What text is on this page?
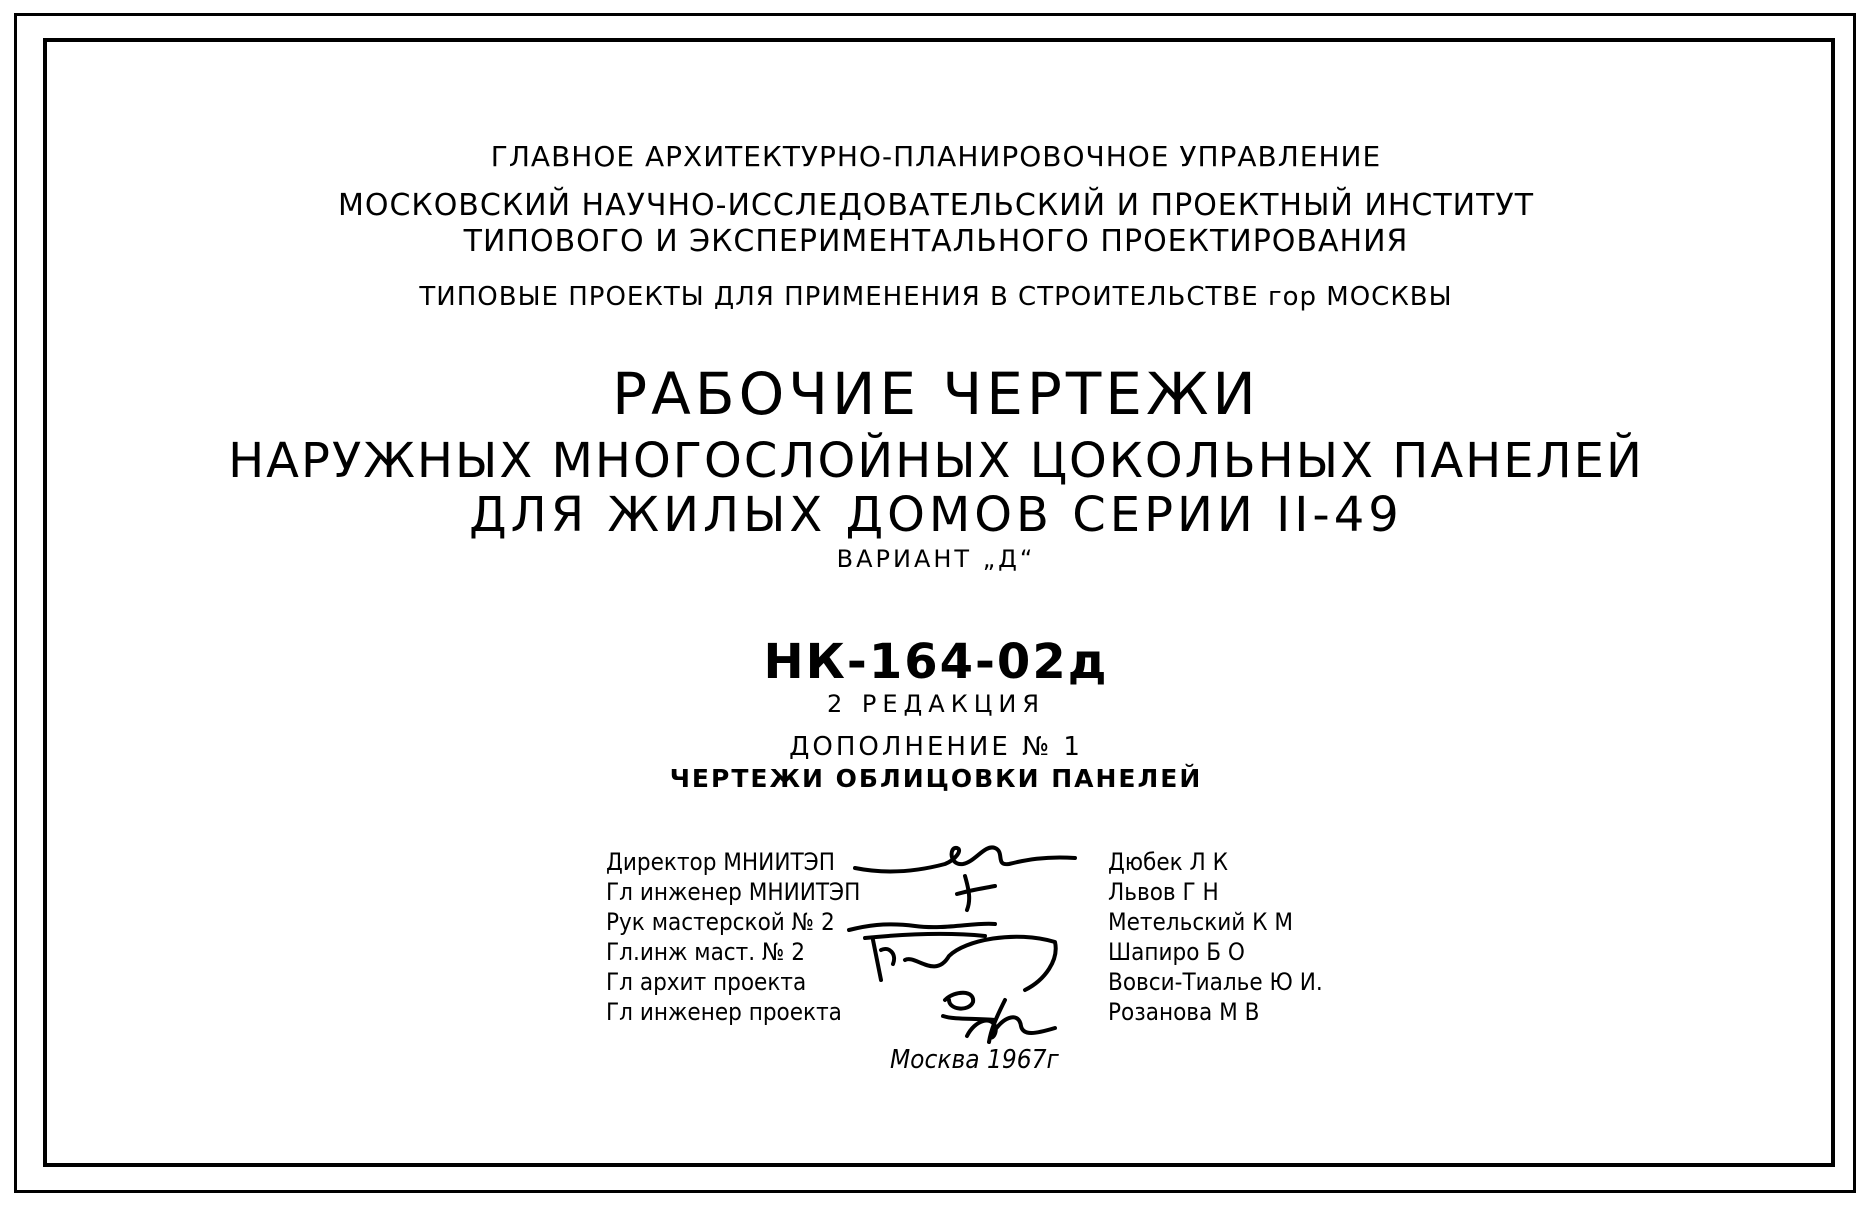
ГЛАВНОЕ АРХИТЕКТУРНО-ПЛАНИРОВОЧНОЕ УПРАВЛЕНИЕ
МОСКОВСКИЙ НАУЧНО-ИССЛЕДОВАТЕЛЬСКИЙ И ПРОЕКТНЫЙ ИНСТИТУТ
ТИПОВОГО И ЭКСПЕРИМЕНТАЛЬНОГО ПРОЕКТИРОВАНИЯ
ТИПОВЫЕ ПРОЕКТЫ ДЛЯ ПРИМЕНЕНИЯ В СТРОИТЕЛЬСТВЕ гор МОСКВЫ
РАБОЧИЕ ЧЕРТЕЖИ
НАРУЖНЫХ МНОГОСЛОЙНЫХ ЦОКОЛЬНЫХ ПАНЕЛЕЙ
ДЛЯ ЖИЛЫХ ДОМОВ СЕРИИ II-49
ВАРИАНТ „Д“
НК-164-02д
2 РЕДАКЦИЯ
ДОПОЛНЕНИЕ № 1
ЧЕРТЕЖИ ОБЛИЦОВКИ ПАНЕЛЕЙ
Директор МНИИТЭП	Дюбек Л К
Гл инженер МНИИТЭП	Львов Г Н
Рук мастерской № 2	Метельский К М
Гл.инж маст. № 2	Шапиро Б О
Гл архит проекта	Вовси-Тиалье Ю И.
Гл инженер проекта	Розанова М В
Москва 1967г
